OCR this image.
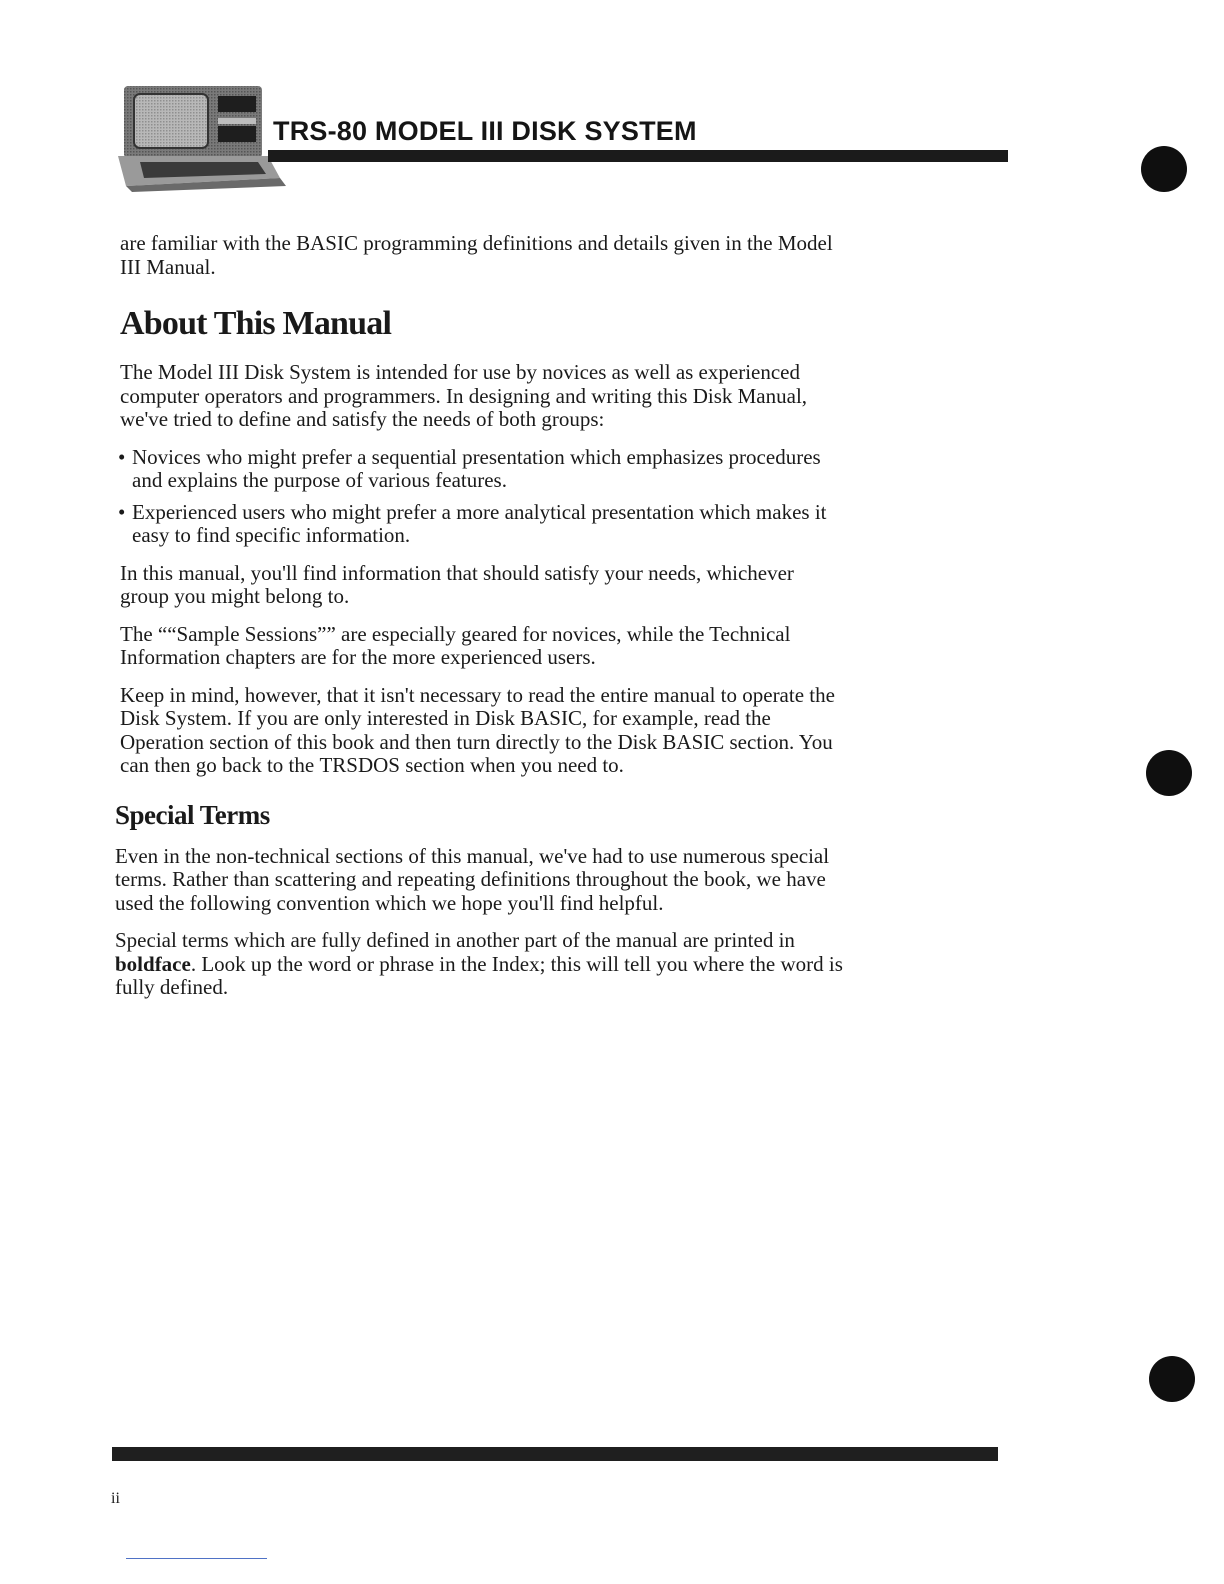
TRS-80 MODEL III DISK SYSTEM

are familiar with the BASIC programming definitions and details given in the Model III Manual.

About This Manual

The Model III Disk System is intended for use by novices as well as experienced computer operators and programmers. In designing and writing this Disk Manual, we've tried to define and satisfy the needs of both groups:

• Novices who might prefer a sequential presentation which emphasizes procedures and explains the purpose of various features.
• Experienced users who might prefer a more analytical presentation which makes it easy to find specific information.

In this manual, you'll find information that should satisfy your needs, whichever group you might belong to.

The ““Sample Sessions”” are especially geared for novices, while the Technical Information chapters are for the more experienced users.

Keep in mind, however, that it isn't necessary to read the entire manual to operate the Disk System. If you are only interested in Disk BASIC, for example, read the Operation section of this book and then turn directly to the Disk BASIC section. You can then go back to the TRSDOS section when you need to.

Special Terms

Even in the non-technical sections of this manual, we've had to use numerous special terms. Rather than scattering and repeating definitions throughout the book, we have used the following convention which we hope you'll find helpful.

Special terms which are fully defined in another part of the manual are printed in boldface. Look up the word or phrase in the Index; this will tell you where the word is fully defined.

ii
